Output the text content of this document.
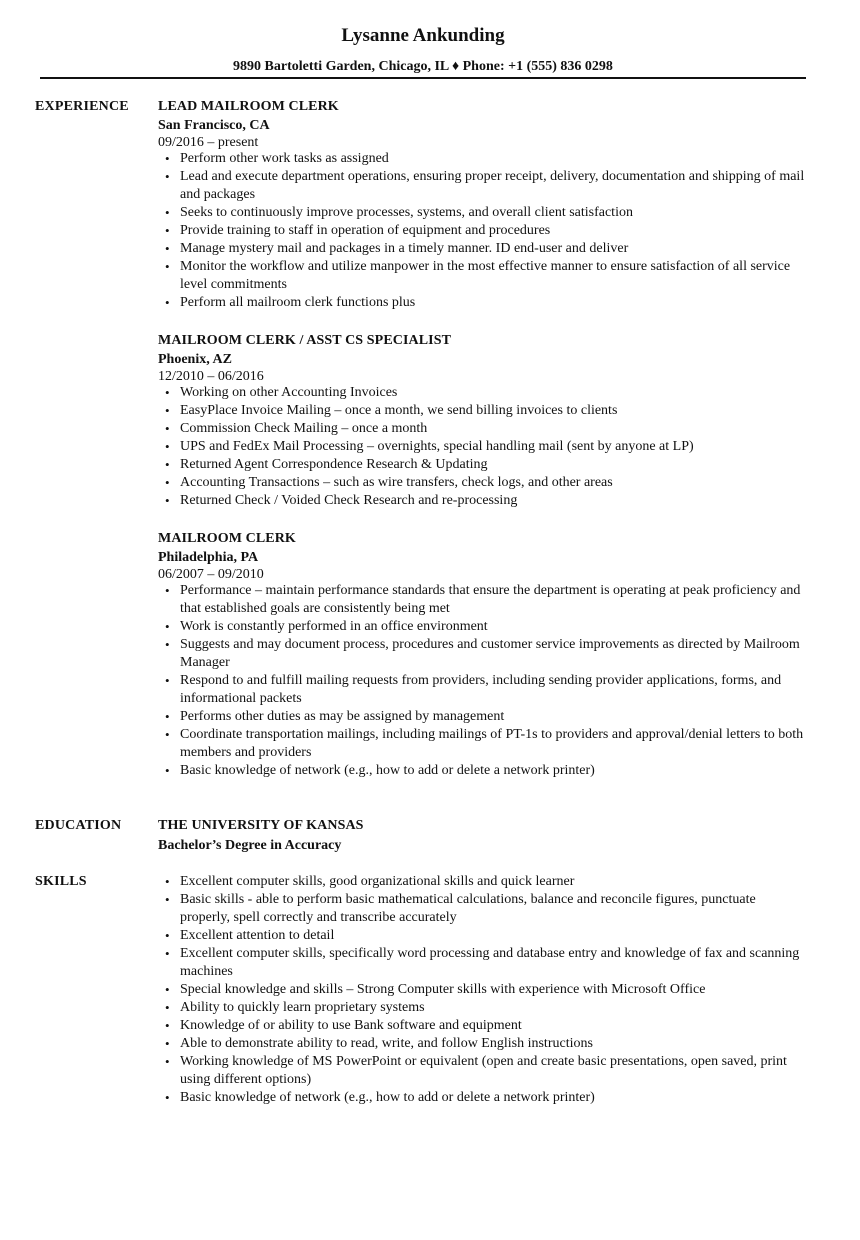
Lysanne Ankunding
9890 Bartoletti Garden, Chicago, IL ♦ Phone: +1 (555) 836 0298
EXPERIENCE LEAD MAILROOM CLERK
San Francisco, CA
09/2016 – present
• Perform other work tasks as assigned
• Lead and execute department operations, ensuring proper receipt, delivery, documentation and shipping of mail and packages
• Seeks to continuously improve processes, systems, and overall client satisfaction
• Provide training to staff in operation of equipment and procedures
• Manage mystery mail and packages in a timely manner. ID end-user and deliver
• Monitor the workflow and utilize manpower in the most effective manner to ensure satisfaction of all service level commitments
• Perform all mailroom clerk functions plus
MAILROOM CLERK / ASST CS SPECIALIST
Phoenix, AZ
12/2010 – 06/2016
• Working on other Accounting Invoices
• EasyPlace Invoice Mailing – once a month, we send billing invoices to clients
• Commission Check Mailing – once a month
• UPS and FedEx Mail Processing – overnights, special handling mail (sent by anyone at LP)
• Returned Agent Correspondence Research & Updating
• Accounting Transactions – such as wire transfers, check logs, and other areas
• Returned Check / Voided Check Research and re-processing
MAILROOM CLERK
Philadelphia, PA
06/2007 – 09/2010
• Performance – maintain performance standards that ensure the department is operating at peak proficiency and that established goals are consistently being met
• Work is constantly performed in an office environment
• Suggests and may document process, procedures and customer service improvements as directed by Mailroom Manager
• Respond to and fulfill mailing requests from providers, including sending provider applications, forms, and informational packets
• Performs other duties as may be assigned by management
• Coordinate transportation mailings, including mailings of PT-1s to providers and approval/denial letters to both members and providers
• Basic knowledge of network (e.g., how to add or delete a network printer)
EDUCATION	THE UNIVERSITY OF KANSAS
Bachelor’s Degree in Accuracy
SKILLS
•	Excellent computer skills, good organizational skills and quick learner
• Basic skills - able to perform basic mathematical calculations, balance and reconcile figures, punctuate properly, spell correctly and transcribe accurately
• Excellent attention to detail
• Excellent computer skills, specifically word processing and database entry and knowledge of fax and scanning machines
• Special knowledge and skills – Strong Computer skills with experience with Microsoft Office
• Ability to quickly learn proprietary systems
• Knowledge of or ability to use Bank software and equipment
• Able to demonstrate ability to read, write, and follow English instructions
• Working knowledge of MS PowerPoint or equivalent (open and create basic presentations, open saved, print using different options)
• Basic knowledge of network (e.g., how to add or delete a network printer)
